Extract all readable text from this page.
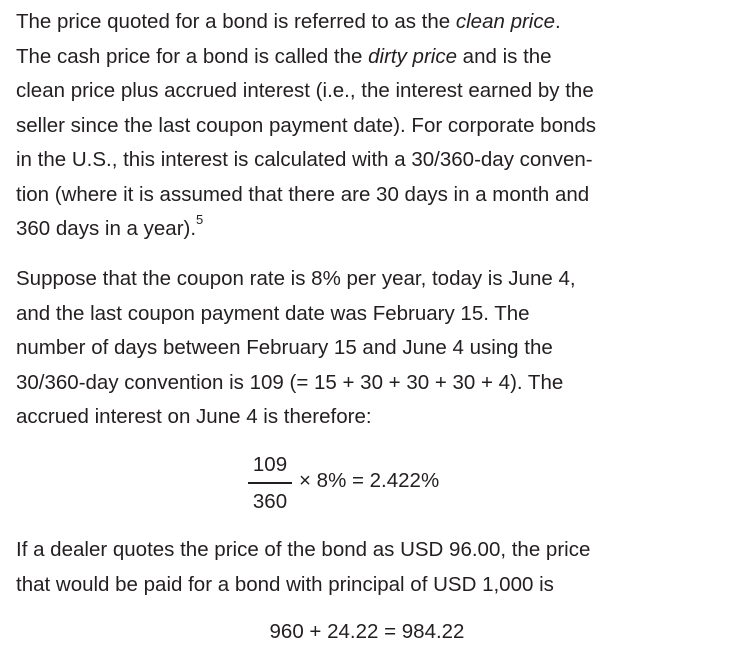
The price quoted for a bond is referred to as the clean price.
The cash price for a bond is called the dirty price and is the
clean price plus accrued interest (i.e., the interest earned by the
seller since the last coupon payment date). For corporate bonds
in the U.S., this interest is calculated with a 30/360-day conven-
tion (where it is assumed that there are 30 days in a month and
360 days in a year).$^5$
Suppose that the coupon rate is 8% per year, today is June 4,
and the last coupon payment date was February 15. The
number of days between February 15 and June 4 using the
30/360-day convention is 109 (= 15 + 30 + 30 + 30 + 4). The
accrued interest on June 4 is therefore:
109
360
× 8% = 2.422%
If a dealer quotes the price of the bond as USD 96.00, the price
that would be paid for a bond with principal of USD 1,000 is
960 + 24.22 = 984.22
